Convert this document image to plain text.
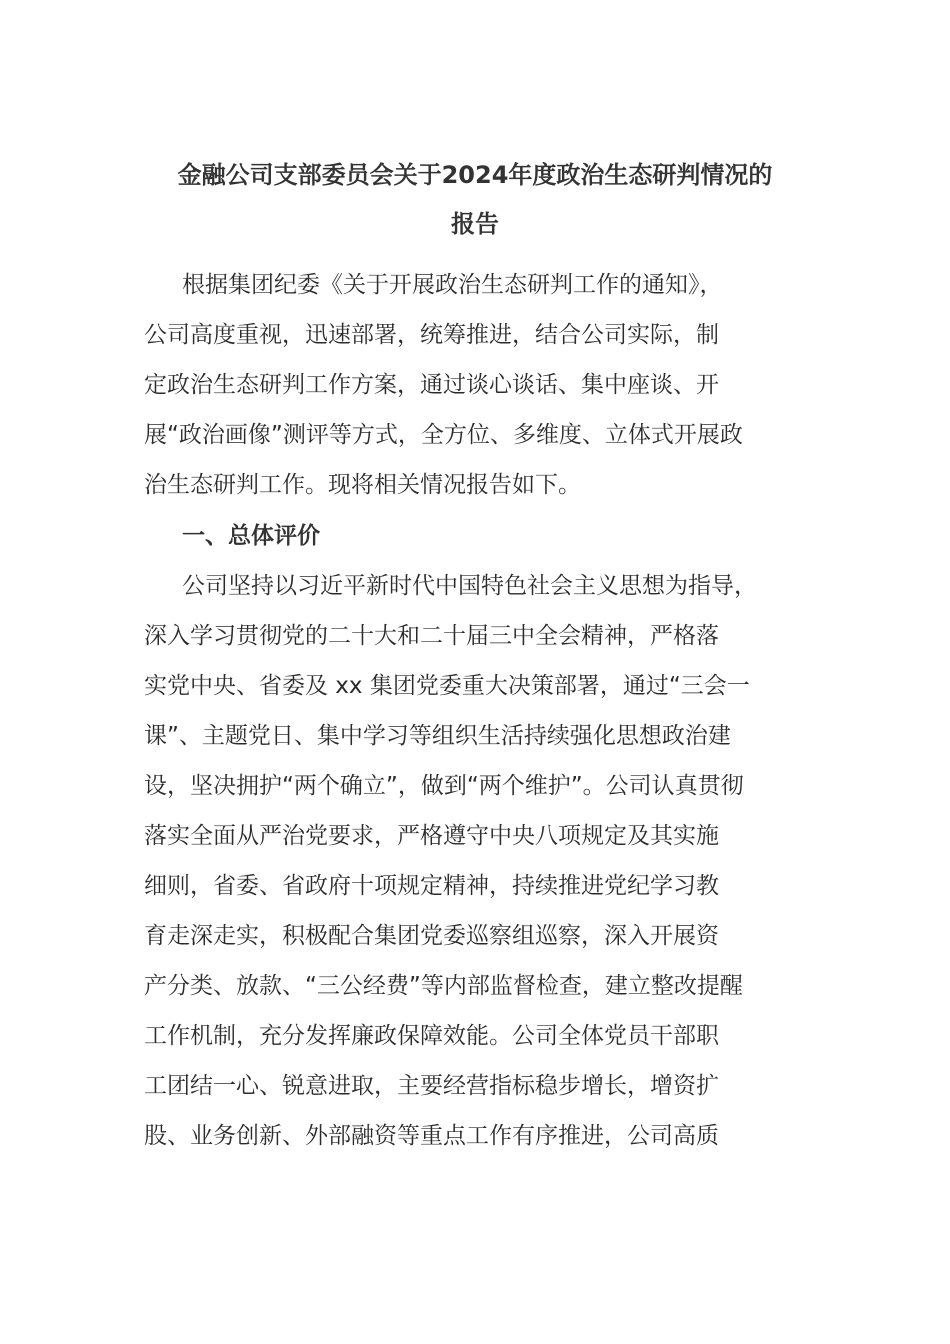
金融公司支部委员会关于2024年度政治生态研判情况的
报告
根据集团纪委《关于开展政治生态研判工作的通知》，
公司高度重视，迅速部署，统筹推进，结合公司实际，制
定政治生态研判工作方案，通过谈心谈话、集中座谈、开
展“政治画像”测评等方式，全方位、多维度、立体式开展政
治生态研判工作。现将相关情况报告如下。
一、总体评价
公司坚持以习近平新时代中国特色社会主义思想为指导，
深入学习贯彻党的二十大和二十届三中全会精神，严格落
实党中央、省委及 xx 集团党委重大决策部署，通过“三会一
课”、主题党日、集中学习等组织生活持续强化思想政治建
设，坚决拥护“两个确立”，做到“两个维护”。公司认真贯彻
落实全面从严治党要求，严格遵守中央八项规定及其实施
细则，省委、省政府十项规定精神，持续推进党纪学习教
育走深走实，积极配合集团党委巡察组巡察，深入开展资
产分类、放款、“三公经费”等内部监督检查，建立整改提醒
工作机制，充分发挥廉政保障效能。公司全体党员干部职
工团结一心、锐意进取，主要经营指标稳步增长，增资扩
股、业务创新、外部融资等重点工作有序推进，公司高质
